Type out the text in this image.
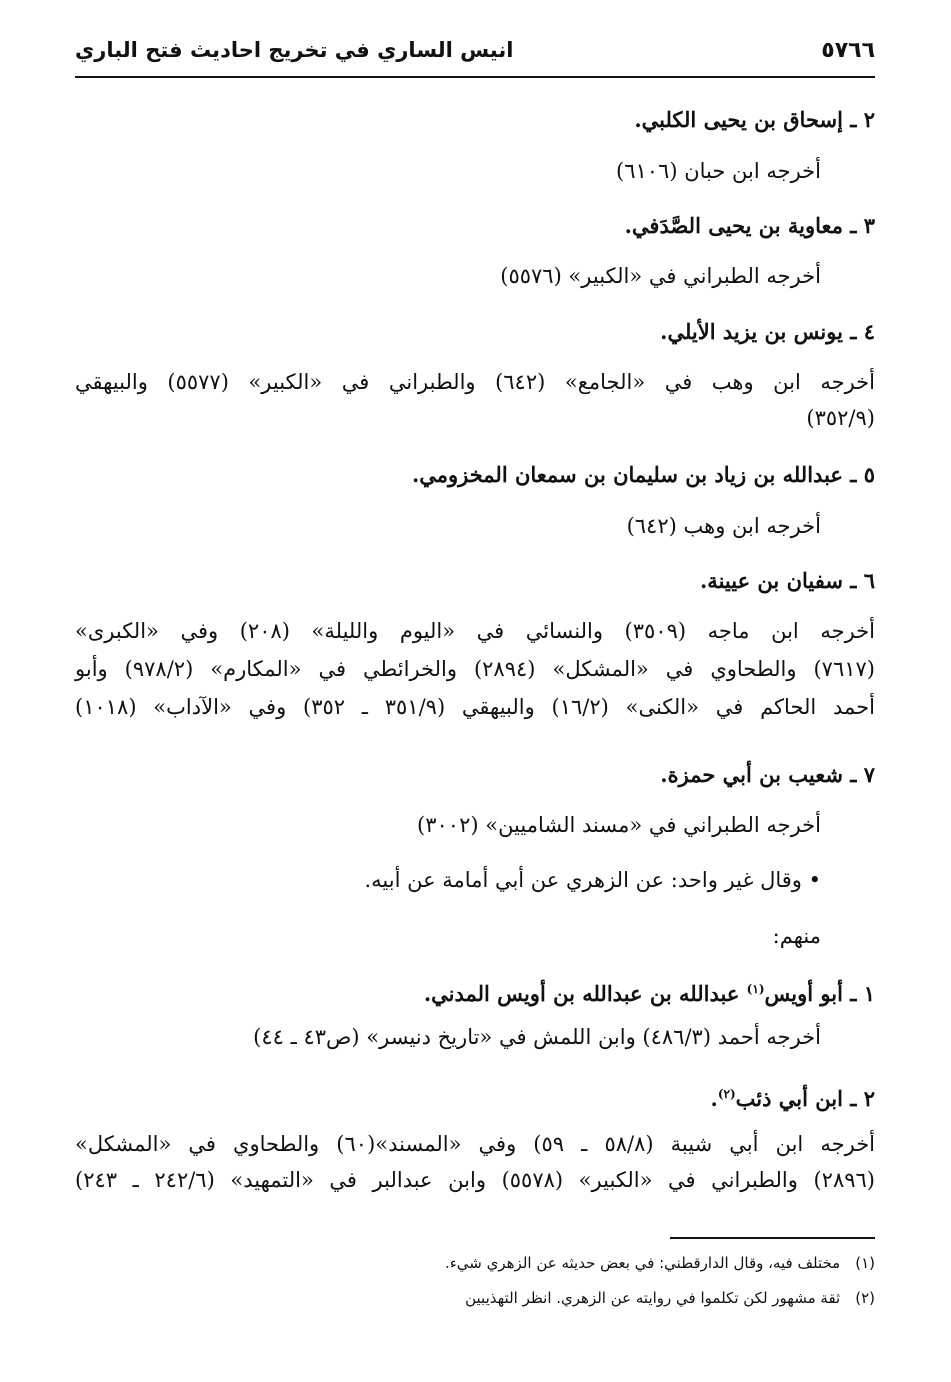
انيس الساري في تخريج احاديث فتح الباري	٥٧٦٦
٢ ـ إسحاق بن يحيى الكلبي.
أخرجه ابن حبان (٦١٠٦)
٣ ـ معاوية بن يحيى الصَّدَفي.
أخرجه الطبراني في «الكبير» (٥٥٧٦)
٤ ـ يونس بن يزيد الأيلي.
أخرجه ابن وهب في «الجامع» (٦٤٢) والطبراني في «الكبير» (٥٥٧٧) والبيهقي
(٣٥٢/٩)
٥ ـ عبدالله بن زياد بن سليمان بن سمعان المخزومي.
أخرجه ابن وهب (٦٤٢)
٦ ـ سفيان بن عيينة.
أخرجه ابن ماجه (٣٥٠٩) والنسائي في «اليوم والليلة» (٢٠٨) وفي «الكبرى»
(٧٦١٧) والطحاوي في «المشكل» (٢٨٩٤) والخرائطي في «المكارم» (٩٧٨/٢) وأبو
أحمد الحاكم في «الكنى» (١٦/٢) والبيهقي (٣٥١/٩ ـ ٣٥٢) وفي «الآداب» (١٠١٨)
٧ ـ شعيب بن أبي حمزة.
أخرجه الطبراني في «مسند الشاميين» (٣٠٠٢)
• وقال غير واحد: عن الزهري عن أبي أمامة عن أبيه.
منهم:
١ ـ أبو أويس$^{(١)}$ عبدالله بن عبدالله بن أويس المدني.
أخرجه أحمد (٤٨٦/٣) وابن اللمش في «تاريخ دنيسر» (ص٤٣ ـ ٤٤)
٢ ـ ابن أبي ذئب$^{(٢)}$.
أخرجه ابن أبي شيبة (٥٨/٨ ـ ٥٩) وفي «المسند»(٦٠) والطحاوي في «المشكل»
(٢٨٩٦) والطبراني في «الكبير» (٥٥٧٨) وابن عبدالبر في «التمهيد» (٢٤٢/٦ ـ ٢٤٣)
(١) مختلف فيه، وقال الدارقطني: في بعض حديثه عن الزهري شيء.
(٢) ثقة مشهور لكن تكلموا في روايته عن الزهري. انظر التهذيبين
